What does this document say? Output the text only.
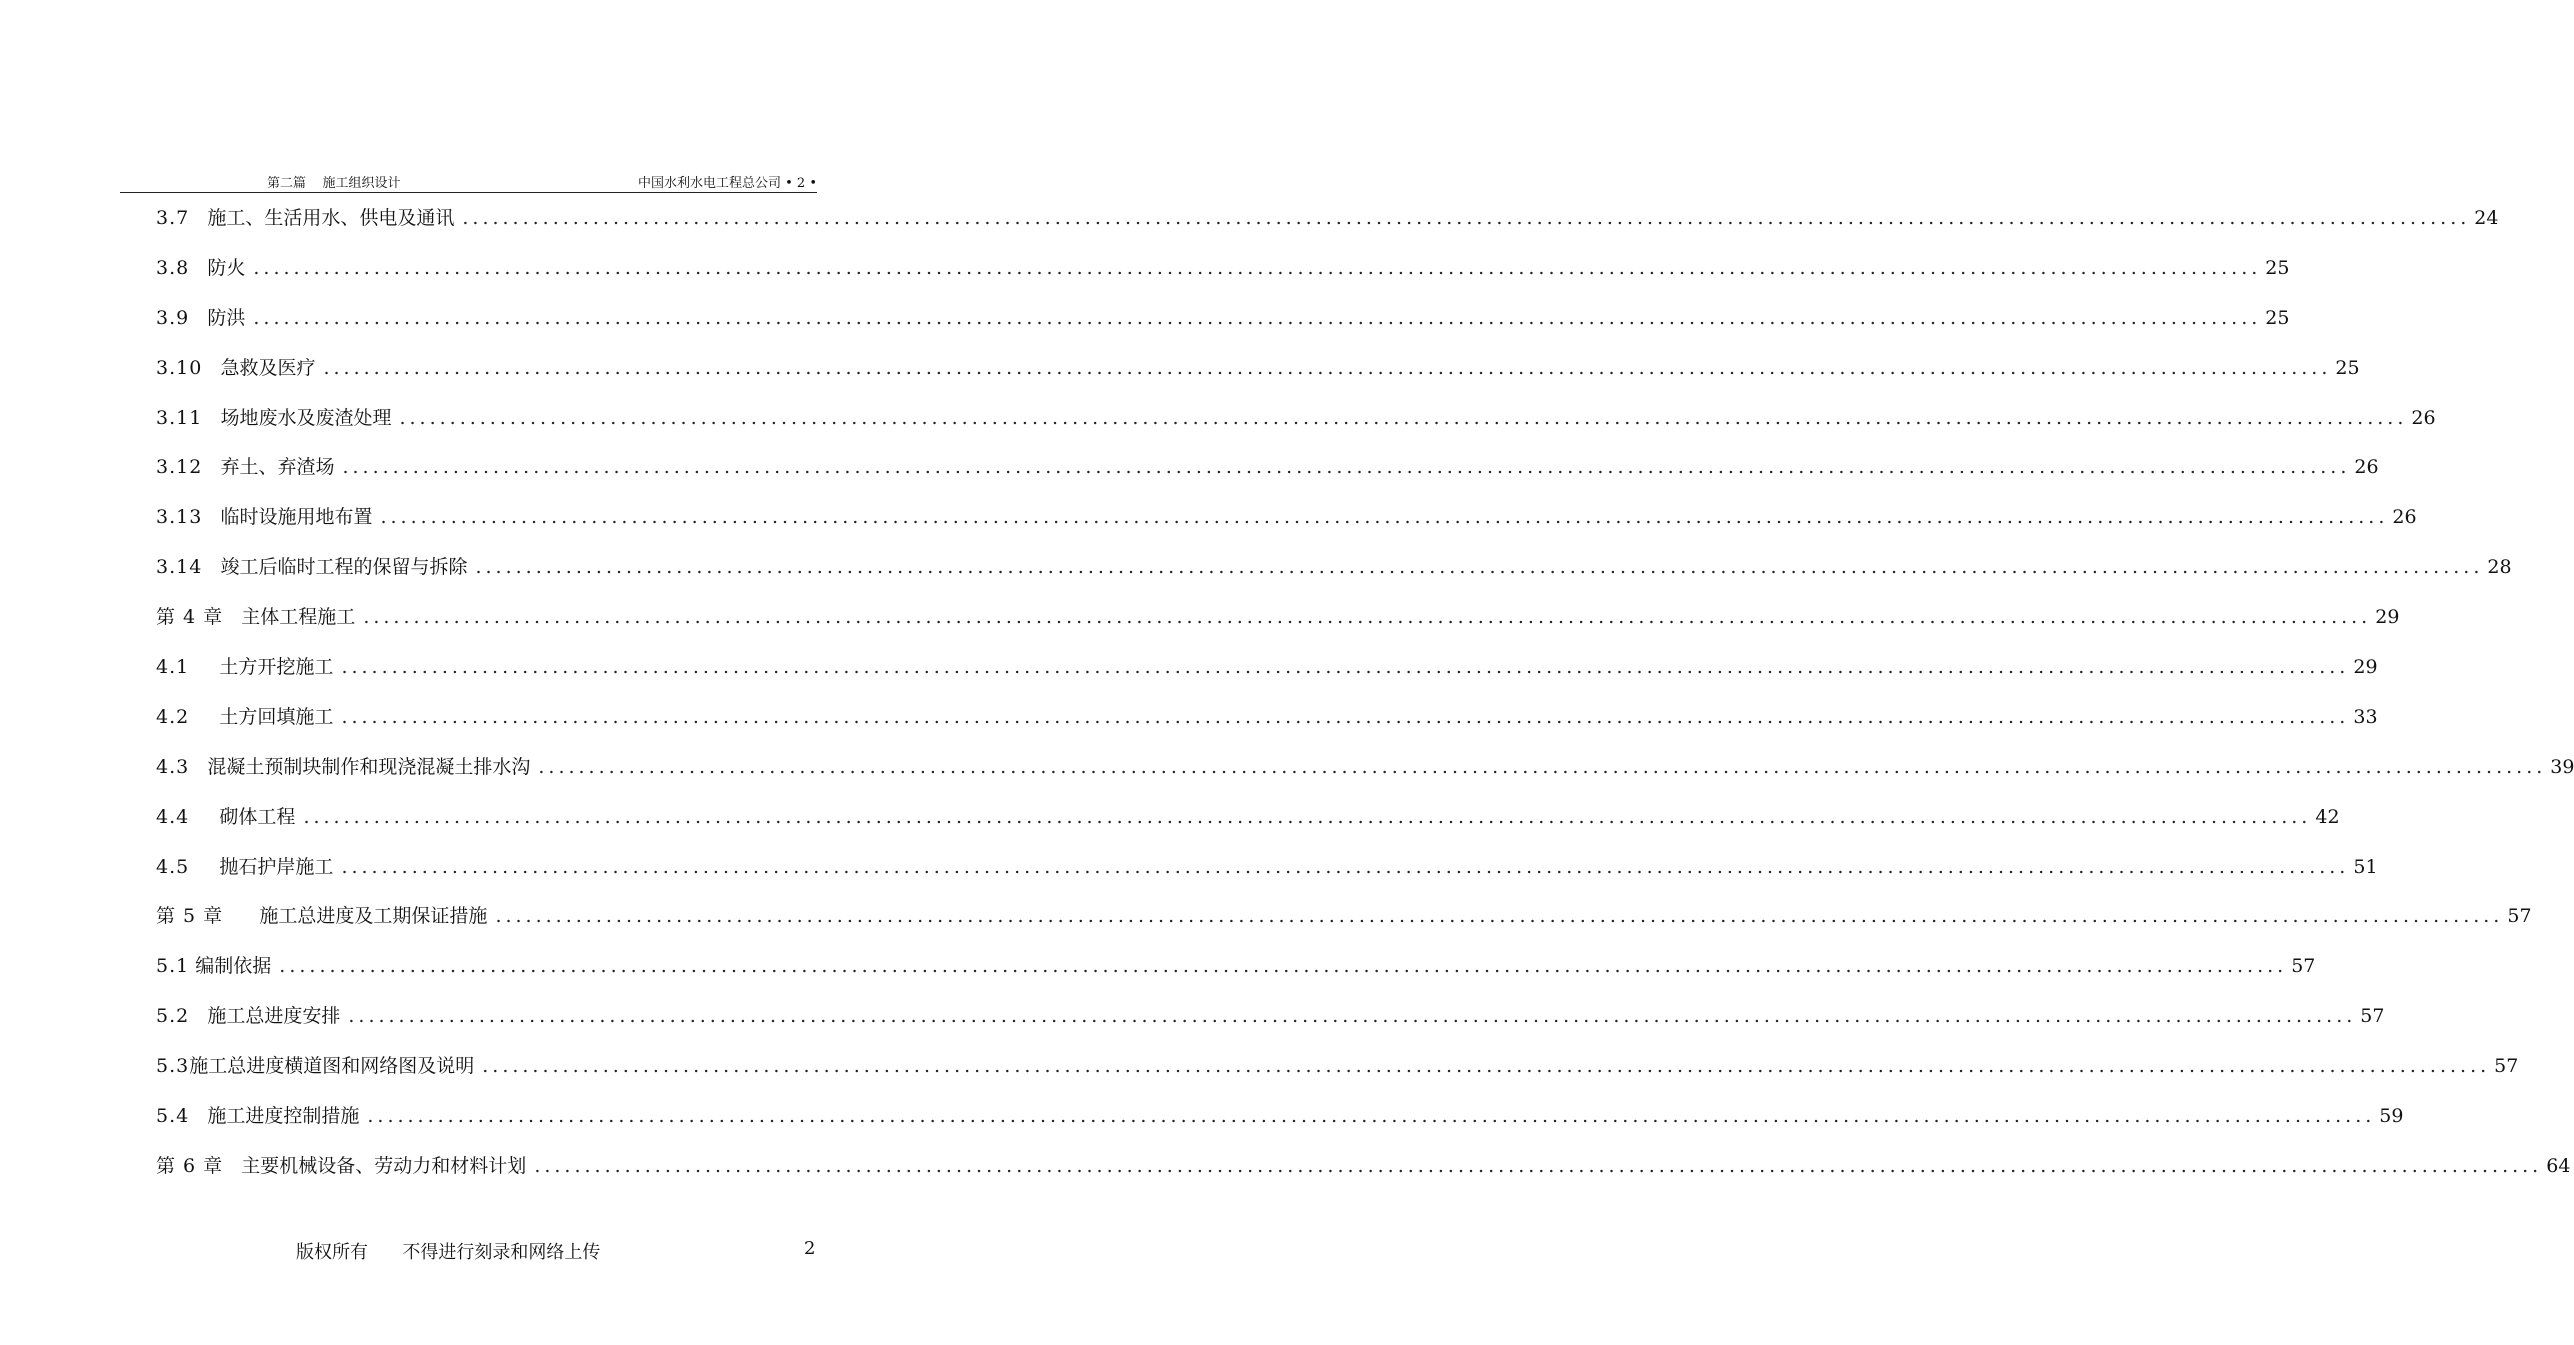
第二篇    施工组织设计	中国水利水电工程总公司 • 2 •
3.7
施工、生活用水、供电及通讯 ........................................................................................................................................................................................................ 24
3.8
防火 ........................................................................................................................................................................................................ 25
3.9
防洪 ........................................................................................................................................................................................................ 25
3.10
急救及医疗 ........................................................................................................................................................................................................ 25
3.11
场地废水及废渣处理 ........................................................................................................................................................................................................ 26
3.12
弃土、弃渣场 ........................................................................................................................................................................................................ 26
3.13
临时设施用地布置 ........................................................................................................................................................................................................ 26
3.14
竣工后临时工程的保留与拆除 ........................................................................................................................................................................................................ 28
第 4 章
主体工程施工 ........................................................................................................................................................................................................ 29
4.1
土方开挖施工 ........................................................................................................................................................................................................ 29
4.2
土方回填施工 ........................................................................................................................................................................................................ 33
4.3
混凝土预制块制作和现浇混凝土排水沟 ........................................................................................................................................................................................................ 39
4.4
砌体工程 ........................................................................................................................................................................................................ 42
4.5
抛石护岸施工 ........................................................................................................................................................................................................ 51
第 5 章
施工总进度及工期保证措施 ........................................................................................................................................................................................................ 57
5.1
编制依据 ........................................................................................................................................................................................................ 57
5.2
施工总进度安排 ........................................................................................................................................................................................................ 57
5.3 施工总进度横道图和网络图及说明 ........................................................................................................................................................................................................ 57
5.4
施工进度控制措施 ........................................................................................................................................................................................................ 59
第 6 章
主要机械设备、劳动力和材料计划 ........................................................................................................................................................................................................ 64
版权所有      不得进行刻录和网络上传	2
